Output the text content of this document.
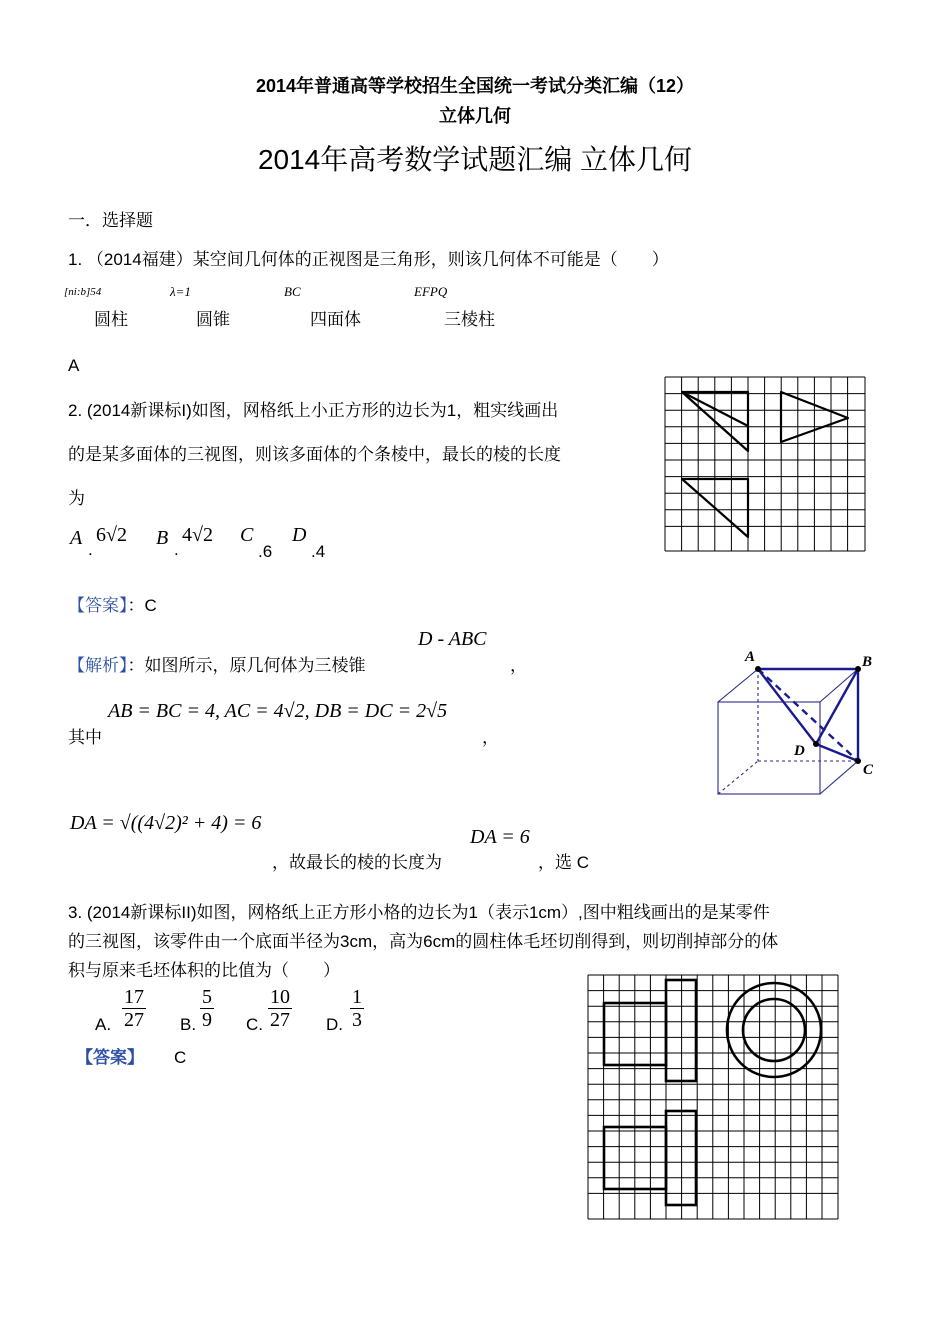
2014年普通高等学校招生全国统一考试分类汇编（12）
立体几何
2014年高考数学试题汇编 立体几何
一．选择题
1. （2014福建）某空间几何体的正视图是三角形，则该几何体不可能是（　　）
[ni:b]54	λ=1	BC	EFPQ
圆柱	圆锥	四面体	三棱柱
A
2. (2014新课标I)如图，网格纸上小正方形的边长为1，粗实线画出
的是某多面体的三视图，则该多面体的个条棱中，最长的棱的长度
为
A
.
6√2 B
.
4√2 C
.6
D
.4
【答案】：C
【解析】：如图所示，原几何体为三棱锥
D - ABC
，
其中
AB = BC = 4, AC = 4√2, DB = DC = 2√5
，
DA = √((4√2)² + 4) = 6
，故最长的棱的长度为
DA = 6
，选 C
A	B
C
D
3. (2014新课标II)如图，网格纸上正方形小格的边长为1（表示1cm）,图中粗线画出的是某零件
的三视图，该零件由一个底面半径为3cm，高为6cm的圆柱体毛坯切削得到，则切削掉部分的体
积与原来毛坯体积的比值为（　　）
A. $\frac{17}{27} B$. $\frac{5}{9} C$. $\frac{10}{27} D$. $\frac{1}{3}$
【答案】 C
